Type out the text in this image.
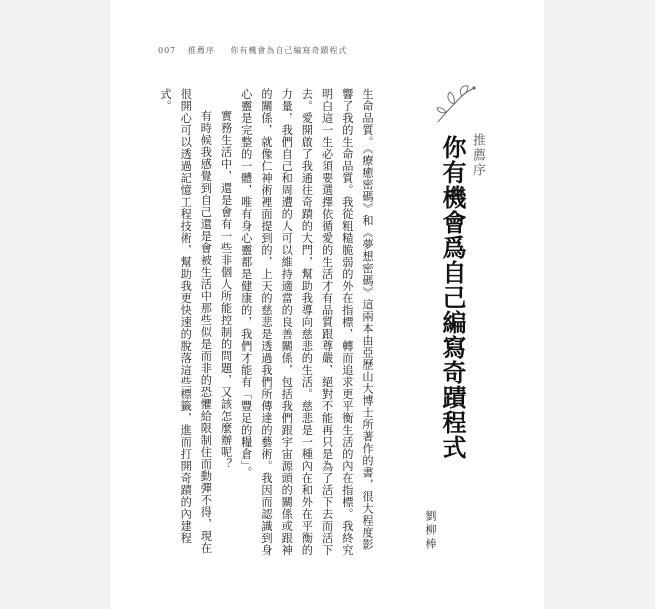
007 推薦序 你有機會為自己編寫奇蹟程式
推薦序
你有機會爲自己編寫奇蹟程式
劉柳棒

生命品質。《療癒密碼》和《夢想密碼》這兩本由亞歷山大博士所著作的書，很大程度影響了我的生命品質。我從粗糙脆弱的外在指標，轉而追求更平衡生活的內在指標。我終究明白這一生必須要選擇依循愛的生活才有品質跟尊嚴，絕對不能再只是為了活下去而活下去。愛開啟了我通往奇蹟的大門，幫助我導向慈悲的生活。慈悲是一種內在和外在平衡的力量，我們自己和周遭的人可以維持適當的良善關係，包括我們跟宇宙源頭的關係或跟神的關係，就像仁神術裡面提到的，上天的慈悲是透過我們所傳達的藝術。我因而認識到身心靈是完整的一體，唯有身心靈都是健康的，我們才能有「豐足的糧倉」。

實務生活中，還是會有一些非個人所能控制的問題，又該怎麼辦呢？

有時候我感覺到自己還是會被生活中那些似是而非的恐懼給限制住而動彈不得，現在很開心可以透過記憶工程技術，幫助我更快速的脫落這些標籤，進而打開奇蹟的內建程式。
